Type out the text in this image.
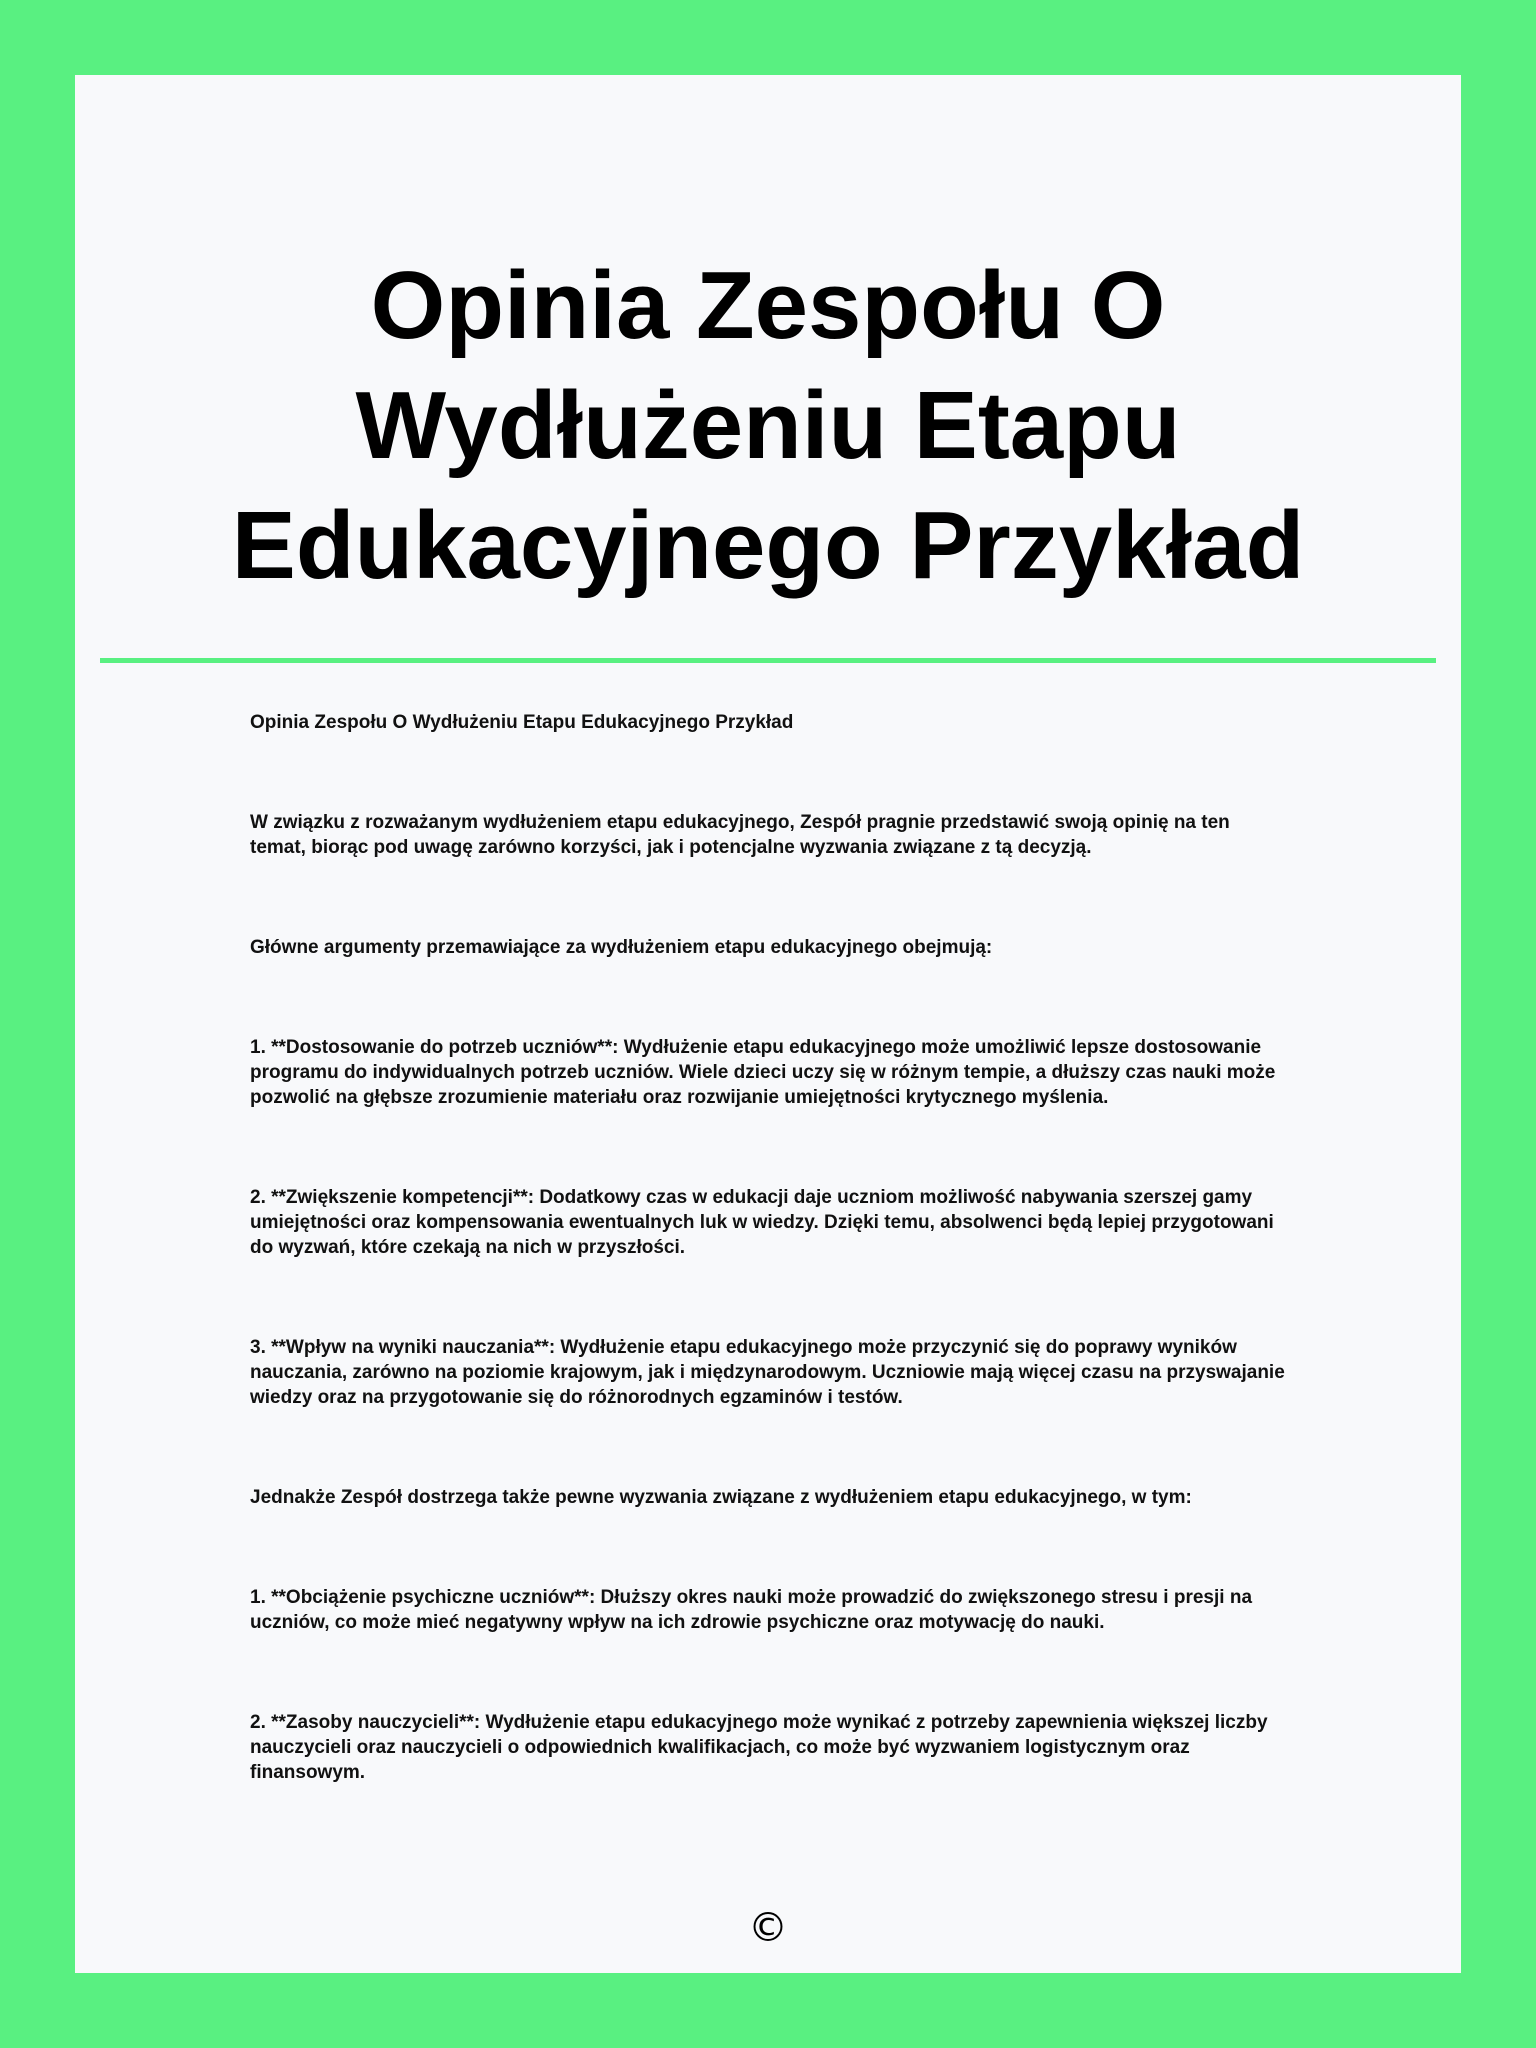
Opinia Zespołu O Wydłużeniu Etapu Edukacyjnego Przykład

Opinia Zespołu O Wydłużeniu Etapu Edukacyjnego Przykład

W związku z rozważanym wydłużeniem etapu edukacyjnego, Zespół pragnie przedstawić swoją opinię na ten temat, biorąc pod uwagę zarówno korzyści, jak i potencjalne wyzwania związane z tą decyzją.

Główne argumenty przemawiające za wydłużeniem etapu edukacyjnego obejmują:

1. **Dostosowanie do potrzeb uczniów**: Wydłużenie etapu edukacyjnego może umożliwić lepsze dostosowanie programu do indywidualnych potrzeb uczniów. Wiele dzieci uczy się w różnym tempie, a dłuższy czas nauki może pozwolić na głębsze zrozumienie materiału oraz rozwijanie umiejętności krytycznego myślenia.

2. **Zwiększenie kompetencji**: Dodatkowy czas w edukacji daje uczniom możliwość nabywania szerszej gamy umiejętności oraz kompensowania ewentualnych luk w wiedzy. Dzięki temu, absolwenci będą lepiej przygotowani do wyzwań, które czekają na nich w przyszłości.

3. **Wpływ na wyniki nauczania**: Wydłużenie etapu edukacyjnego może przyczynić się do poprawy wyników nauczania, zarówno na poziomie krajowym, jak i międzynarodowym. Uczniowie mają więcej czasu na przyswajanie wiedzy oraz na przygotowanie się do różnorodnych egzaminów i testów.

Jednakże Zespół dostrzega także pewne wyzwania związane z wydłużeniem etapu edukacyjnego, w tym:

1. **Obciążenie psychiczne uczniów**: Dłuższy okres nauki może prowadzić do zwiększonego stresu i presji na uczniów, co może mieć negatywny wpływ na ich zdrowie psychiczne oraz motywację do nauki.

2. **Zasoby nauczycieli**: Wydłużenie etapu edukacyjnego może wynikać z potrzeby zapewnienia większej liczby nauczycieli oraz nauczycieli o odpowiednich kwalifikacjach, co może być wyzwaniem logistycznym oraz finansowym.

©
